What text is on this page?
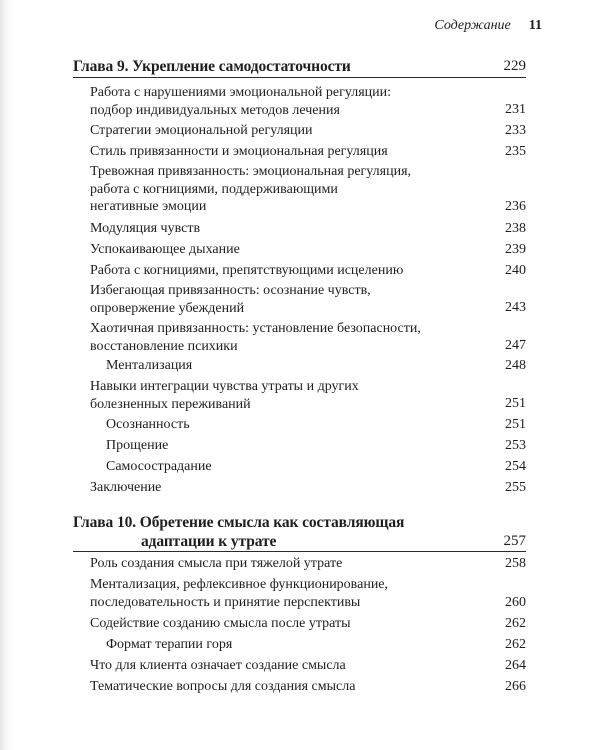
Содержание 11
Глава 9. Укрепление самодостаточности	229
Работа с нарушениями эмоциональной регуляции:
подбор индивидуальных методов лечения	231
Стратегии эмоциональной регуляции	233
Стиль привязанности и эмоциональная регуляция	235
Тревожная привязанность: эмоциональная регуляция,
работа с когнициями, поддерживающими
негативные эмоции	236
Модуляция чувств	238
Успокаивающее дыхание	239
Работа с когнициями, препятствующими исцелению	240
Избегающая привязанность: осознание чувств,
опровержение убеждений	243
Хаотичная привязанность: установление безопасности,
восстановление психики	247
Ментализация	248
Навыки интеграции чувства утраты и других
болезненных переживаний	251
Осознанность	251
Прощение	253
Самосострадание	254
Заключение	255
Глава 10. Обретение смысла как составляющая
адаптации к утрате	257
Роль создания смысла при тяжелой утрате	258
Ментализация, рефлексивное функционирование,
последовательность и принятие перспективы	260
Содействие созданию смысла после утраты	262
Формат терапии горя	262
Что для клиента означает создание смысла	264
Тематические вопросы для создания смысла	266
